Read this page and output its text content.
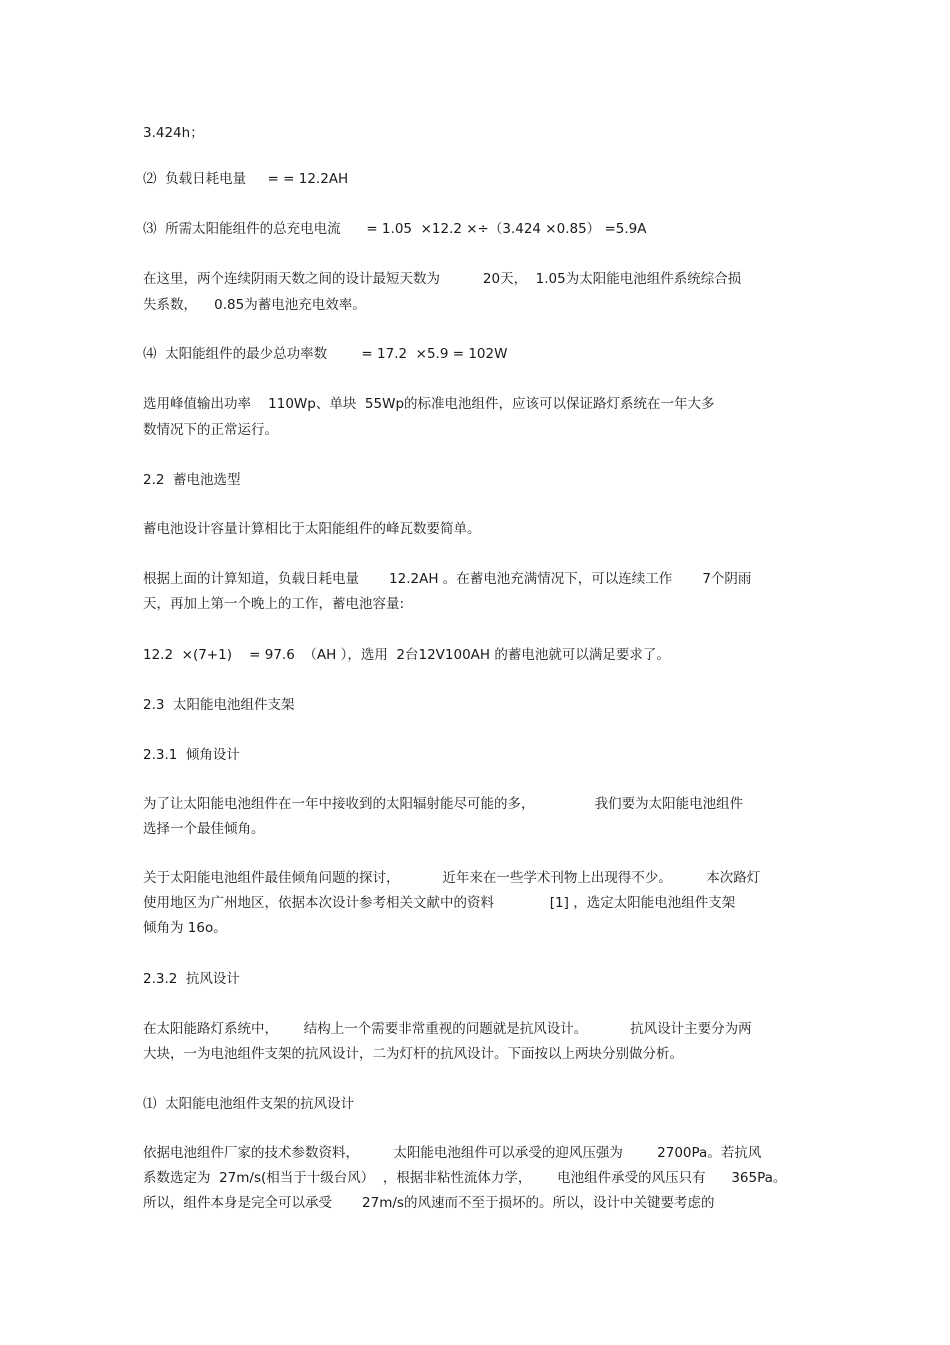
3.424h；
⑵  负载日耗电量     = = 12.2AH
⑶  所需太阳能组件的总充电电流      = 1.05  ×12.2 ×÷（3.424 ×0.85） =5.9A
在这里，两个连续阴雨天数之间的设计最短天数为          20天，  1.05为太阳能电池组件系统综合损
失系数，    0.85为蓄电池充电效率。
⑷  太阳能组件的最少总功率数        = 17.2  ×5.9 = 102W
选用峰值输出功率    110Wp、单块  55Wp的标准电池组件，应该可以保证路灯系统在一年大多
数情况下的正常运行。
2.2  蓄电池选型
蓄电池设计容量计算相比于太阳能组件的峰瓦数要简单。
根据上面的计算知道，负载日耗电量       12.2AH 。在蓄电池充满情况下，可以连续工作       7个阴雨
天，再加上第一个晚上的工作，蓄电池容量:
12.2  ×(7+1)    = 97.6  （AH ），选用  2台12V100AH 的蓄电池就可以满足要求了。
2.3  太阳能电池组件支架
2.3.1  倾角设计
为了让太阳能电池组件在一年中接收到的太阳辐射能尽可能的多，              我们要为太阳能电池组件
选择一个最佳倾角。
关于太阳能电池组件最佳倾角问题的探讨，          近年来在一些学术刊物上出现得不少。        本次路灯
使用地区为广州地区，依据本次设计参考相关文献中的资料             [1] ，选定太阳能电池组件支架
倾角为 16o。
2.3.2  抗风设计
在太阳能路灯系统中，      结构上一个需要非常重视的问题就是抗风设计。          抗风设计主要分为两
大块，一为电池组件支架的抗风设计，二为灯杆的抗风设计。下面按以上两块分别做分析。
⑴  太阳能电池组件支架的抗风设计
依据电池组件厂家的技术参数资料，        太阳能电池组件可以承受的迎风压强为        2700Pa。若抗风
系数选定为  27m/s(相当于十级台风）  ，根据非粘性流体力学，      电池组件承受的风压只有      365Pa。
所以，组件本身是完全可以承受       27m/s的风速而不至于损坏的。所以，设计中关键要考虑的
